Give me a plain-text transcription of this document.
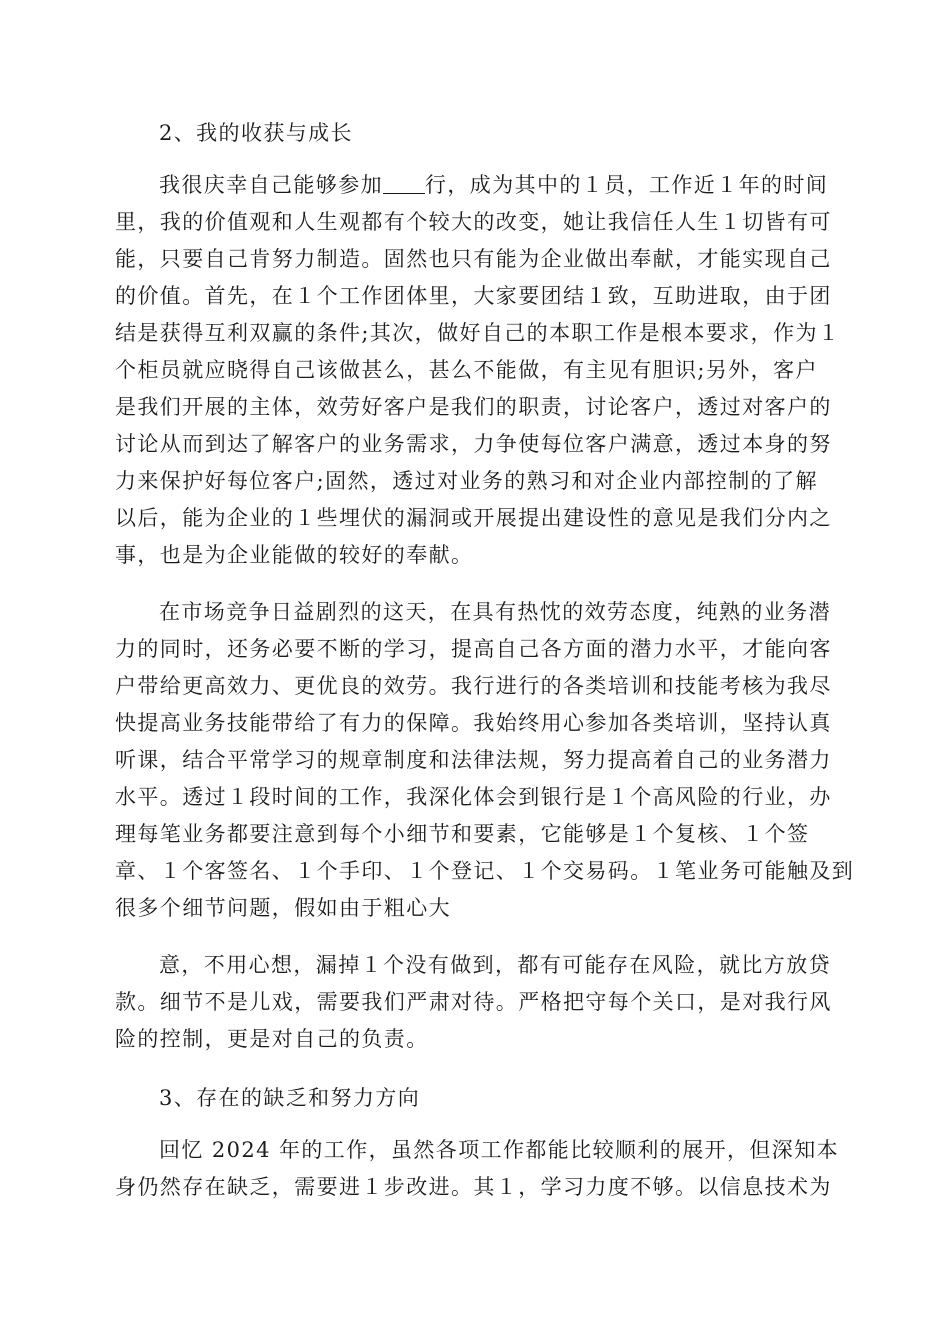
2、我的收获与成长
我很庆幸自己能够参加 行，成为其中的１员，工作近１年的时间
里，我的价值观和人生观都有个较大的改变，她让我信任人生１切皆有可
能，只要自己肯努力制造。固然也只有能为企业做出奉献，才能实现自己
的价值。首先，在１个工作团体里，大家要团结１致，互助进取，由于团
结是获得互利双赢的条件;其次，做好自己的本职工作是根本要求，作为１
个柜员就应晓得自己该做甚么，甚么不能做，有主见有胆识;另外，客户
是我们开展的主体，效劳好客户是我们的职责，讨论客户，透过对客户的
讨论从而到达了解客户的业务需求，力争使每位客户满意，透过本身的努
力来保护好每位客户;固然，透过对业务的熟习和对企业内部控制的了解
以后，能为企业的１些埋伏的漏洞或开展提出建设性的意见是我们分内之
事，也是为企业能做的较好的奉献。
在市场竞争日益剧烈的这天，在具有热忱的效劳态度，纯熟的业务潜
力的同时，还务必要不断的学习，提高自己各方面的潜力水平，才能向客
户带给更高效力、更优良的效劳。我行进行的各类培训和技能考核为我尽
快提高业务技能带给了有力的保障。我始终用心参加各类培训，坚持认真
听课，结合平常学习的规章制度和法律法规，努力提高着自己的业务潜力
水平。透过１段时间的工作，我深化体会到银行是１个高风险的行业，办
理每笔业务都要注意到每个小细节和要素，它能够是１个复核、１个签
章、１个客签名、１个手印、１个登记、１个交易码。１笔业务可能触及到
很多个细节问题，假如由于粗心大
意，不用心想，漏掉１个没有做到，都有可能存在风险，就比方放贷
款。细节不是儿戏，需要我们严肃对待。严格把守每个关口，是对我行风
险的控制，更是对自己的负责。
3、存在的缺乏和努力方向
回忆 2024 年的工作，虽然各项工作都能比较顺利的展开，但深知本
身仍然存在缺乏，需要进１步改进。其１，学习力度不够。以信息技术为
